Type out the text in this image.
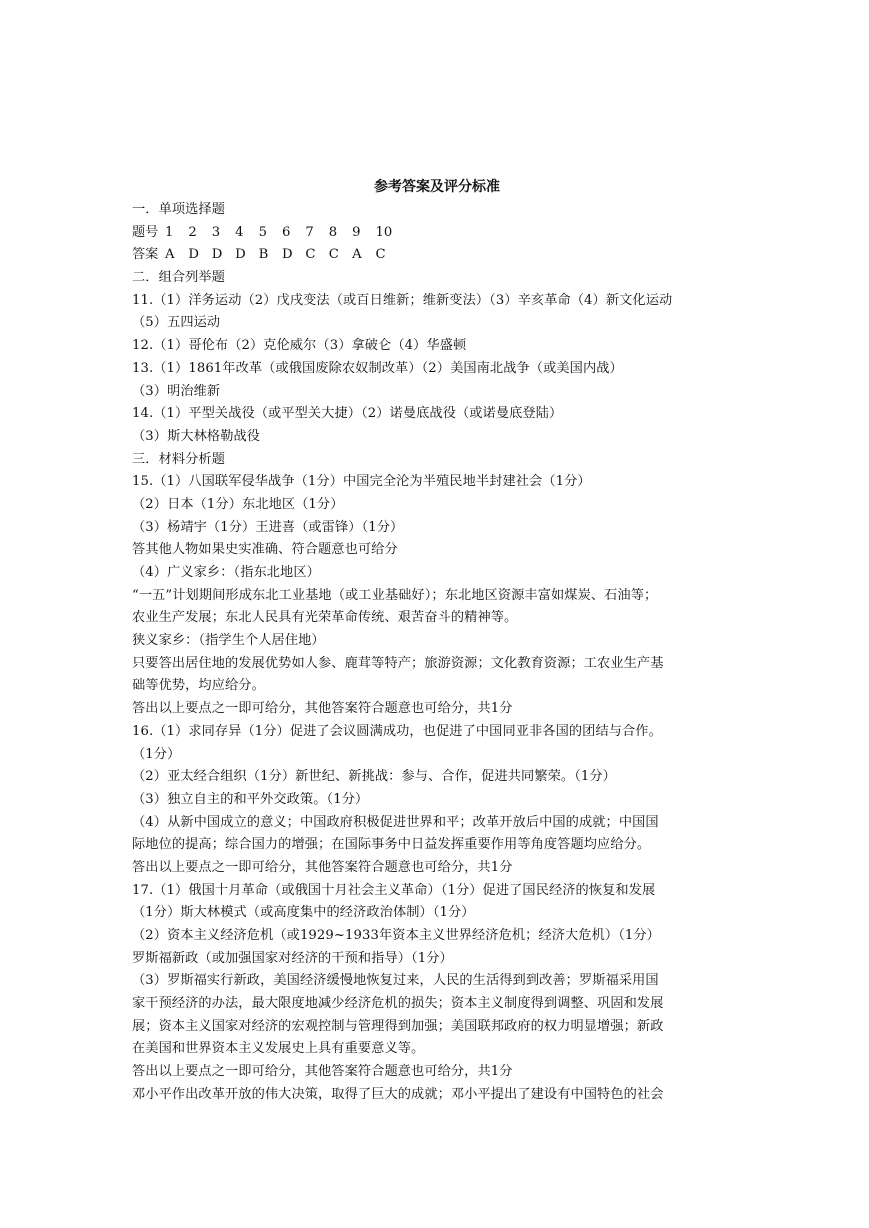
参考答案及评分标准
一．单项选择题
题号 1	2	3	4	5	6	7	8	9	10
答案 A	D D D B	D C	C	A	C
二．组合列举题
11.（1）洋务运动（2）戊戌变法（或百日维新；维新变法）（3）辛亥革命（4）新文化运动
（5）五四运动
12.（1）哥伦布（2）克伦威尔（3）拿破仑（4）华盛顿
13.（1）1861年改革（或俄国废除农奴制改革）（2）美国南北战争（或美国内战）
（3）明治维新
14.（1）平型关战役（或平型关大捷）（2）诺曼底战役（或诺曼底登陆）
（3）斯大林格勒战役
三．材料分析题
15.（1）八国联军侵华战争（1分）中国完全沦为半殖民地半封建社会（1分）
（2）日本（1分）东北地区（1分）
（3）杨靖宇（1分）王进喜（或雷锋）（1分）
答其他人物如果史实准确、符合题意也可给分
（4）广义家乡：（指东北地区）
“一五”计划期间形成东北工业基地（或工业基础好）；东北地区资源丰富如煤炭、石油等；
农业生产发展；东北人民具有光荣革命传统、艰苦奋斗的精神等。
狭义家乡：（指学生个人居住地）
只要答出居住地的发展优势如人参、鹿茸等特产；旅游资源；文化教育资源；工农业生产基
础等优势，均应给分。
答出以上要点之一即可给分，其他答案符合题意也可给分，共1分
16.（1）求同存异（1分）促进了会议圆满成功，也促进了中国同亚非各国的团结与合作。
（1分）
（2）亚太经合组织（1分）新世纪、新挑战：参与、合作，促进共同繁荣。（1分）
（3）独立自主的和平外交政策。（1分）
（4）从新中国成立的意义；中国政府积极促进世界和平；改革开放后中国的成就；中国国
际地位的提高；综合国力的增强；在国际事务中日益发挥重要作用等角度答题均应给分。
答出以上要点之一即可给分，其他答案符合题意也可给分，共1分
17.（1）俄国十月革命（或俄国十月社会主义革命）（1分）促进了国民经济的恢复和发展
（1分）斯大林模式（或高度集中的经济政治体制）（1分）
（2）资本主义经济危机（或1929~1933年资本主义世界经济危机；经济大危机）（1分）
罗斯福新政（或加强国家对经济的干预和指导）（1分）
（3）罗斯福实行新政，美国经济缓慢地恢复过来，人民的生活得到到改善；罗斯福采用国
家干预经济的办法，最大限度地减少经济危机的损失；资本主义制度得到调整、巩固和发展
展；资本主义国家对经济的宏观控制与管理得到加强；美国联邦政府的权力明显增强；新政
在美国和世界资本主义发展史上具有重要意义等。
答出以上要点之一即可给分，其他答案符合题意也可给分，共1分
邓小平作出改革开放的伟大决策，取得了巨大的成就；邓小平提出了建设有中国特色的社会
